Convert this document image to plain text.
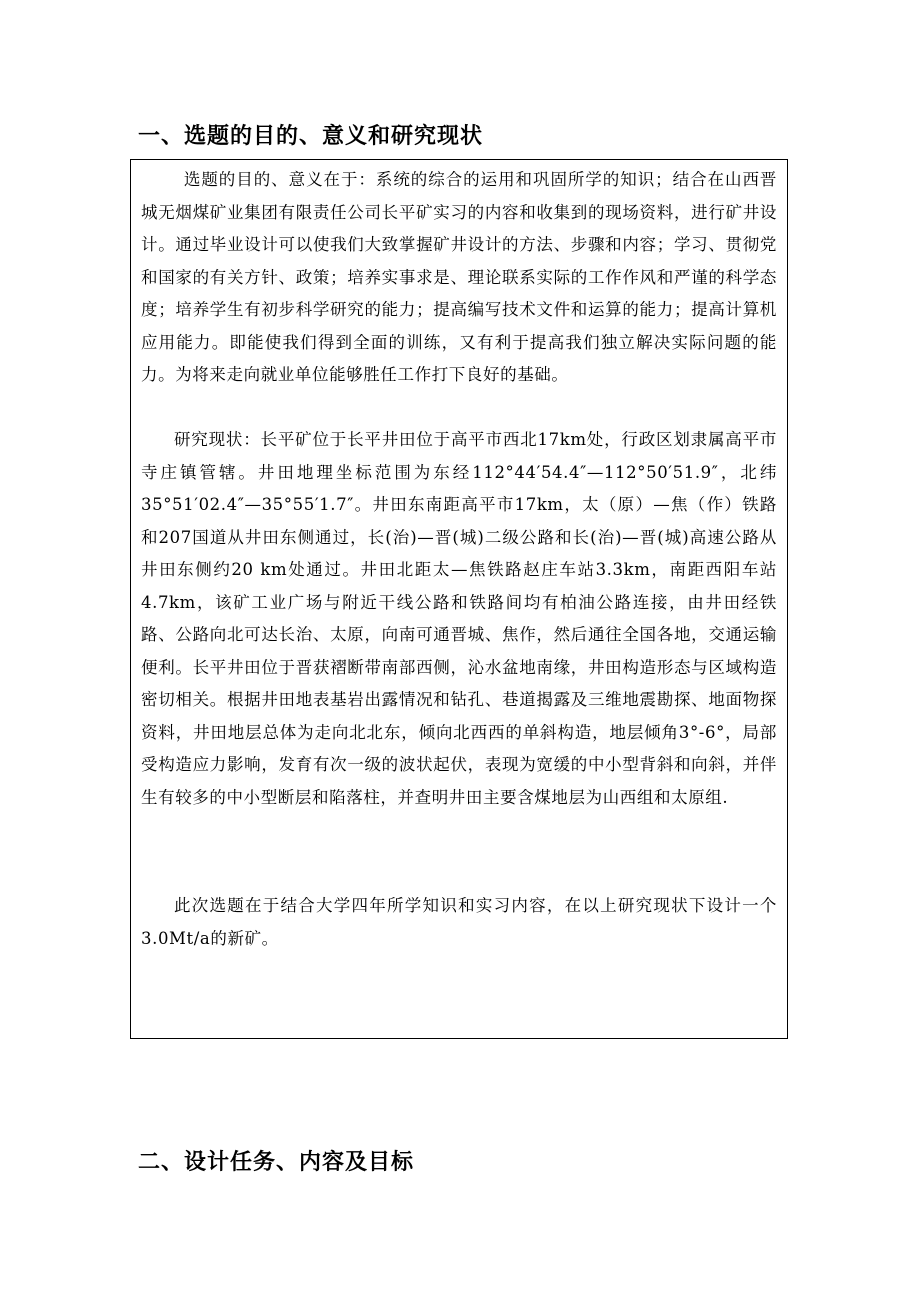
一、选题的目的、意义和研究现状

选题的目的、意义在于：系统的综合的运用和巩固所学的知识；结合在山西晋城无烟煤矿业集团有限责任公司长平矿实习的内容和收集到的现场资料，进行矿井设计。通过毕业设计可以使我们大致掌握矿井设计的方法、步骤和内容；学习、贯彻党和国家的有关方针、政策；培养实事求是、理论联系实际的工作作风和严谨的科学态度；培养学生有初步科学研究的能力；提高编写技术文件和运算的能力；提高计算机应用能力。即能使我们得到全面的训练，又有利于提高我们独立解决实际问题的能力。为将来走向就业单位能够胜任工作打下良好的基础。

研究现状：长平矿位于长平井田位于高平市西北17km处，行政区划隶属高平市寺庄镇管辖。井田地理坐标范围为东经112°44′54.4″—112°50′51.9″，北纬35°51′02.4″—35°55′1.7″。井田东南距高平市17km，太（原）—焦（作）铁路和207国道从井田东侧通过，长(治)—晋(城)二级公路和长(治)—晋(城)高速公路从井田东侧约20 km处通过。井田北距太—焦铁路赵庄车站3.3km，南距西阳车站4.7km，该矿工业广场与附近干线公路和铁路间均有柏油公路连接，由井田经铁路、公路向北可达长治、太原，向南可通晋城、焦作，然后通往全国各地，交通运输便利。长平井田位于晋获褶断带南部西侧，沁水盆地南缘，井田构造形态与区域构造密切相关。根据井田地表基岩出露情况和钻孔、巷道揭露及三维地震勘探、地面物探资料，井田地层总体为走向北北东，倾向北西西的单斜构造，地层倾角3°-6°，局部受构造应力影响，发育有次一级的波状起伏，表现为宽缓的中小型背斜和向斜，并伴生有较多的中小型断层和陷落柱，并查明井田主要含煤地层为山西组和太原组.

此次选题在于结合大学四年所学知识和实习内容，在以上研究现状下设计一个3.0Mt/a的新矿。

二、设计任务、内容及目标
